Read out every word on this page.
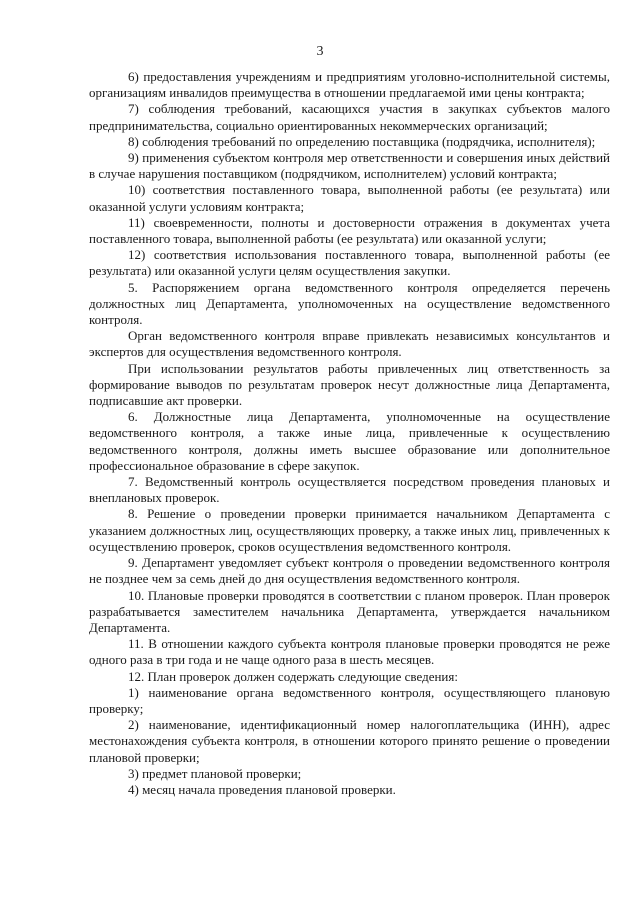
3

6) предоставления учреждениям и предприятиям уголовно-исполнительной системы, организациям инвалидов преимущества в отношении предлагаемой ими цены контракта;

7) соблюдения требований, касающихся участия в закупках субъектов малого предпринимательства, социально ориентированных некоммерческих организаций;

8) соблюдения требований по определению поставщика (подрядчика, исполнителя);

9) применения субъектом контроля мер ответственности и совершения иных действий в случае нарушения поставщиком (подрядчиком, исполнителем) условий контракта;

10) соответствия поставленного товара, выполненной работы (ее результата) или оказанной услуги условиям контракта;

11) своевременности, полноты и достоверности отражения в документах учета поставленного товара, выполненной работы (ее результата) или оказанной услуги;

12) соответствия использования поставленного товара, выполненной работы (ее результата) или оказанной услуги целям осуществления закупки.

5. Распоряжением органа ведомственного контроля определяется перечень должностных лиц Департамента, уполномоченных на осуществление ведомственного контроля.

Орган ведомственного контроля вправе привлекать независимых консультантов и экспертов для осуществления ведомственного контроля.

При использовании результатов работы привлеченных лиц ответственность за формирование выводов по результатам проверок несут должностные лица Департамента, подписавшие акт проверки.

6. Должностные лица Департамента, уполномоченные на осуществление ведомственного контроля, а также иные лица, привлеченные к осуществлению ведомственного контроля, должны иметь высшее образование или дополнительное профессиональное образование в сфере закупок.

7. Ведомственный контроль осуществляется посредством проведения плановых и внеплановых проверок.

8. Решение о проведении проверки принимается начальником Департамента с указанием должностных лиц, осуществляющих проверку, а также иных лиц, привлеченных к осуществлению проверок, сроков осуществления ведомственного контроля.

9. Департамент уведомляет субъект контроля о проведении ведомственного контроля не позднее чем за семь дней до дня осуществления ведомственного контроля.

10. Плановые проверки проводятся в соответствии с планом проверок. План проверок разрабатывается заместителем начальника Департамента, утверждается начальником Департамента.

11. В отношении каждого субъекта контроля плановые проверки проводятся не реже одного раза в три года и не чаще одного раза в шесть месяцев.

12. План проверок должен содержать следующие сведения:

1) наименование органа ведомственного контроля, осуществляющего плановую проверку;

2) наименование, идентификационный номер налогоплательщика (ИНН), адрес местонахождения субъекта контроля, в отношении которого принято решение о проведении плановой проверки;

3) предмет плановой проверки;

4) месяц начала проведения плановой проверки.
